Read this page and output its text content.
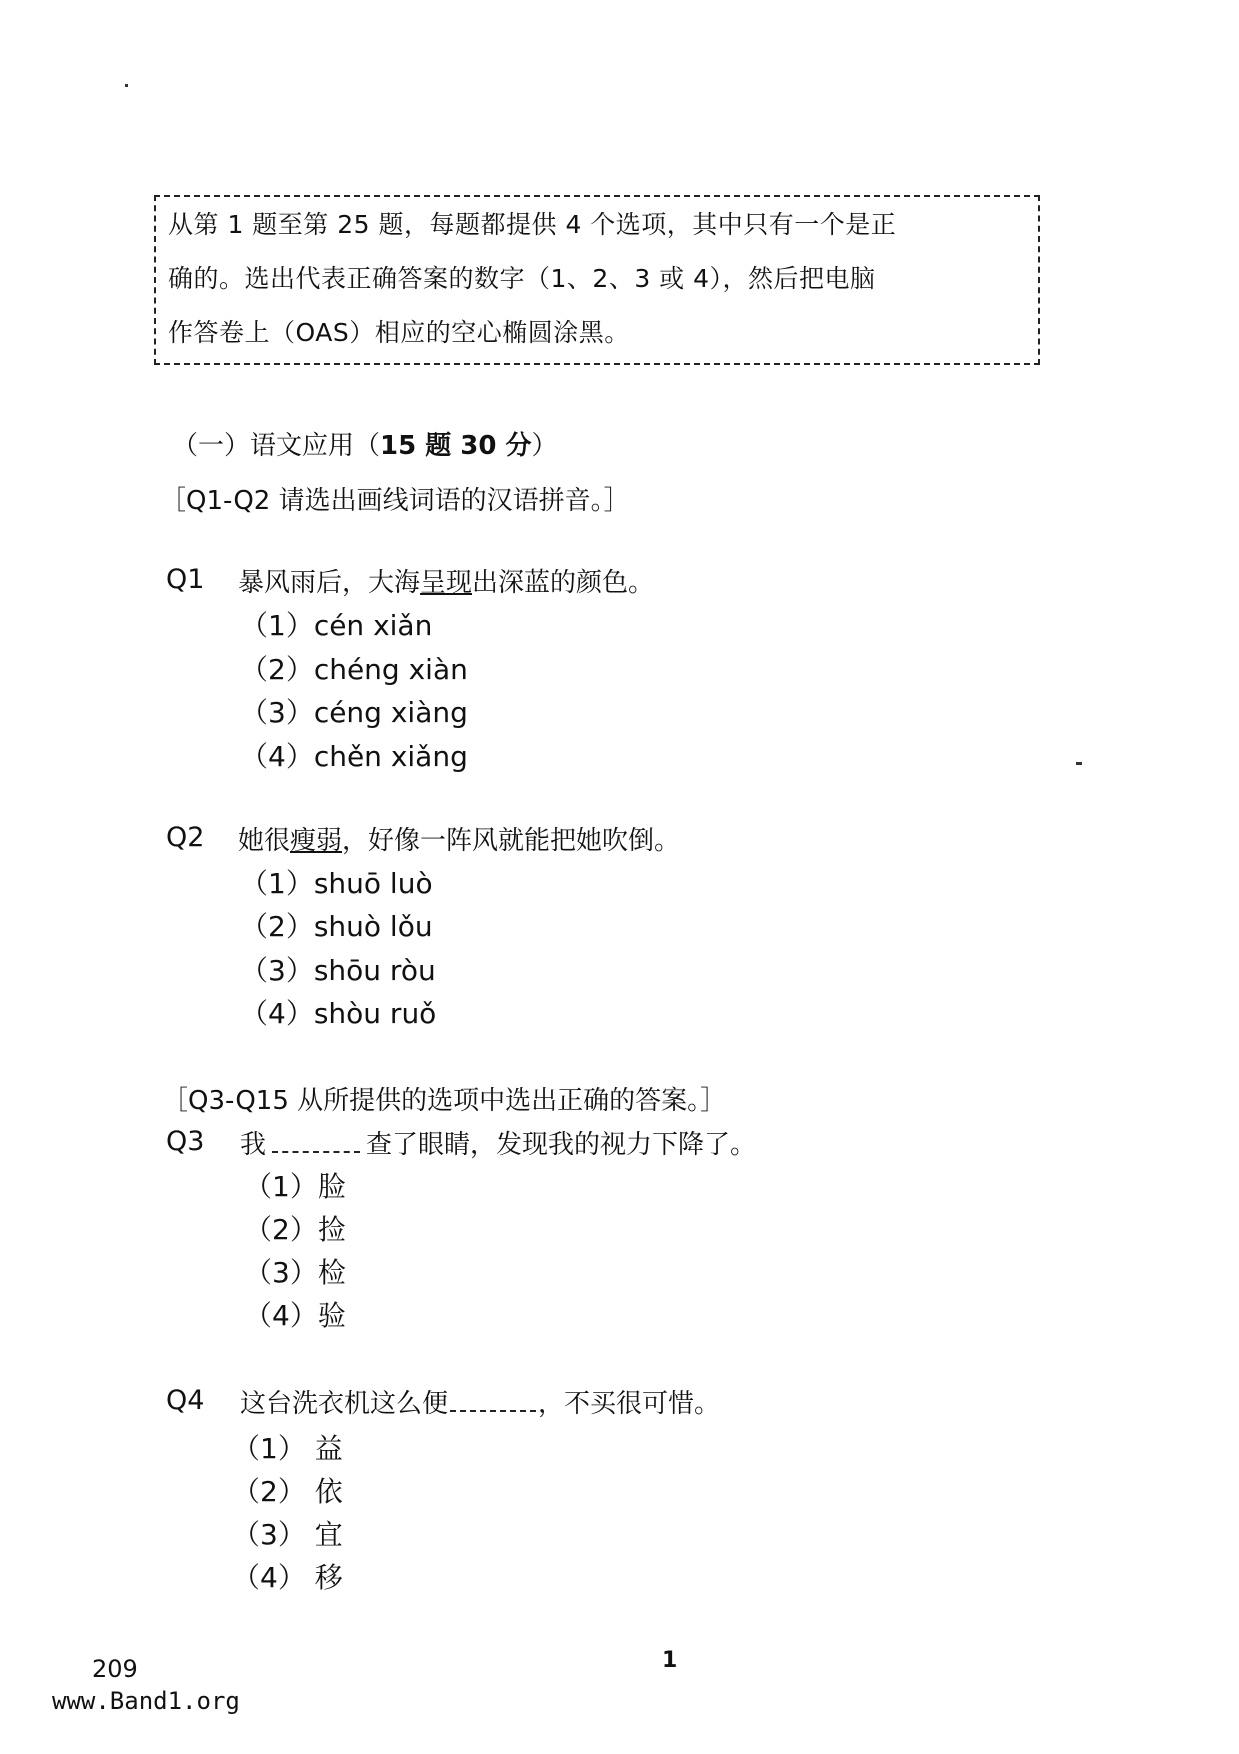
从第 1 题至第 25 题，每题都提供 4 个选项，其中只有一个是正
确的。选出代表正确答案的数字（1、2、3 或 4），然后把电脑
作答卷上（OAS）相应的空心椭圆涂黑。
（一）语文应用（15 题 30 分）
［Q1-Q2 请选出画线词语的汉语拼音。］
Q1 暴风雨后，大海呈现出深蓝的颜色。
（1）cén xiǎn
（2）chéng xiàn
（3）céng xiàng
（4）chěn xiǎng
Q2 她很瘦弱，好像一阵风就能把她吹倒。
（1）shuō luò
（2）shuò lǒu
（3）shōu ròu
（4）shòu ruǒ
［Q3-Q15 从所提供的选项中选出正确的答案。］
Q3 我	查了眼睛，发现我的视力下降了。
（1）脸
（2）捡
（3）检
（4）验
Q4 这台洗衣机这么便	，不买很可惜。
（1） 益
（2） 依
（3） 宜
（4） 移
209
www.Band1.org
1
